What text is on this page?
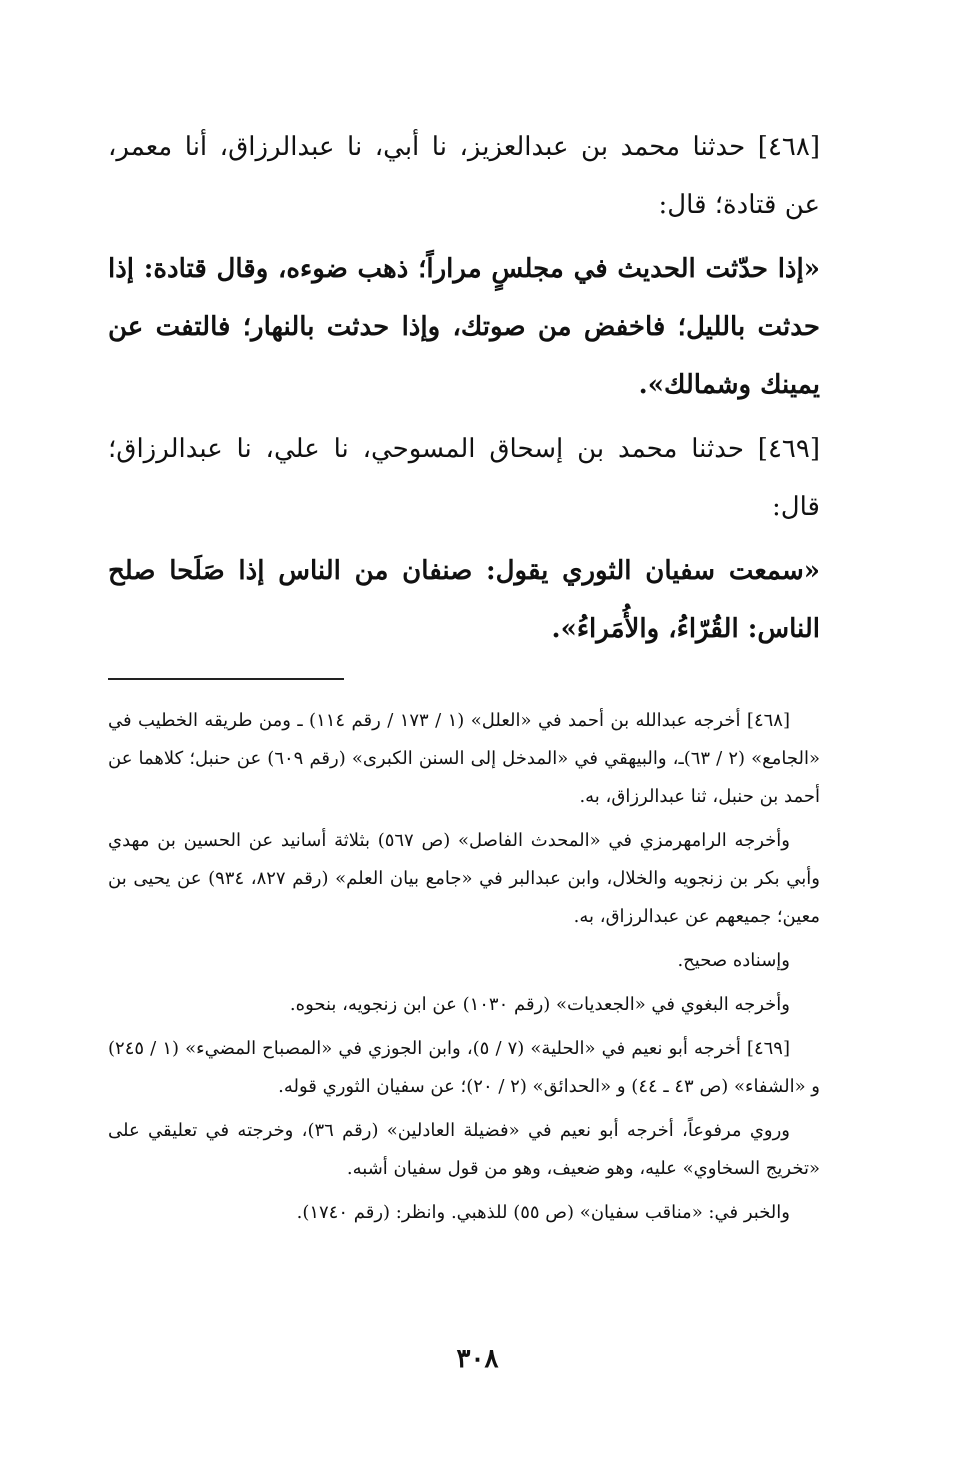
[٤٦٨] حدثنا محمد بن عبدالعزيز، نا أبي، نا عبدالرزاق، أنا معمر، عن قتادة؛ قال:

«إذا حدّثت الحديث في مجلسٍ مراراً؛ ذهب ضوءه، وقال قتادة: إذا حدثت بالليل؛ فاخفض من صوتك، وإذا حدثت بالنهار؛ فالتفت عن يمينك وشمالك».

[٤٦٩] حدثنا محمد بن إسحاق المسوحي، نا علي، نا عبدالرزاق؛ قال:

«سمعت سفيان الثوري يقول: صنفان من الناس إذا صَلَحا صلح الناس: القُرّاءُ، والأُمَراءُ».

[٤٦٨] أخرجه عبدالله بن أحمد في «العلل» (١ / ١٧٣ / رقم ١١٤) ـ ومن طريقه الخطيب في «الجامع» (٢ / ٦٣)ـ، والبيهقي في «المدخل إلى السنن الكبرى» (رقم ٦٠٩) عن حنبل؛ كلاهما عن أحمد بن حنبل، ثنا عبدالرزاق، به.

وأخرجه الرامهرمزي في «المحدث الفاصل» (ص ٥٦٧) بثلاثة أسانيد عن الحسين بن مهدي وأبي بكر بن زنجويه والخلال، وابن عبدالبر في «جامع بيان العلم» (رقم ٨٢٧، ٩٣٤) عن يحيى بن معين؛ جميعهم عن عبدالرزاق، به.

وإسناده صحيح.

وأخرجه البغوي في «الجعديات» (رقم ١٠٣٠) عن ابن زنجويه، بنحوه.

[٤٦٩] أخرجه أبو نعيم في «الحلية» (٧ / ٥)، وابن الجوزي في «المصباح المضيء» (١ / ٢٤٥) و «الشفاء» (ص ٤٣ ـ ٤٤) و «الحدائق» (٢ / ٢٠)؛ عن سفيان الثوري قوله.

وروي مرفوعاً، أخرجه أبو نعيم في «فضيلة العادلين» (رقم ٣٦)، وخرجته في تعليقي على «تخريج السخاوي» عليه، وهو ضعيف، وهو من قول سفيان أشبه.

والخبر في: «مناقب سفيان» (ص ٥٥) للذهبي. وانظر: (رقم ١٧٤٠).

٣٠٨
